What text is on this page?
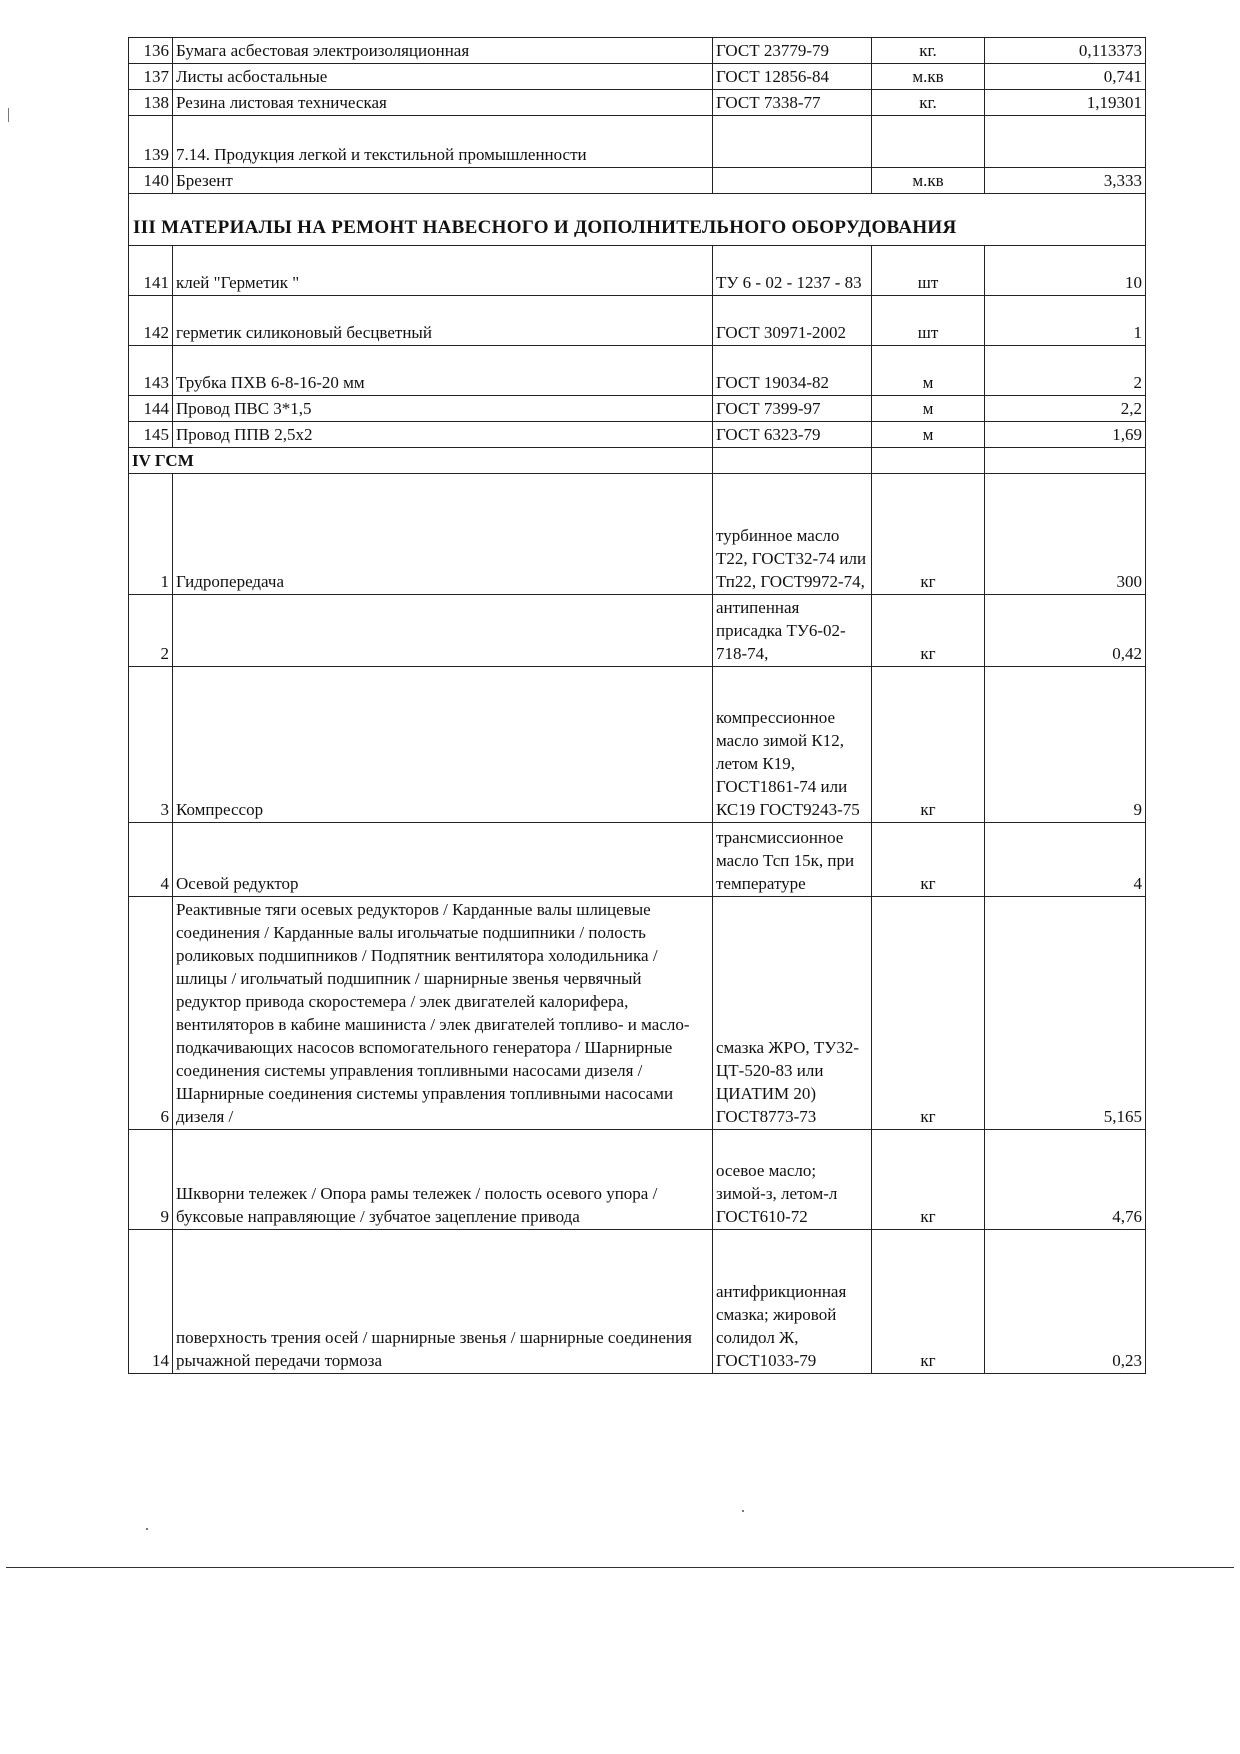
136	Бумага асбестовая электроизоляционная	ГОСТ 23779-79	кг.	0,113373
137	Листы асбостальные	ГОСТ 12856-84	м.кв	0,741
138	Резина листовая техническая	ГОСТ 7338-77	кг.	1,19301
139	7.14. Продукция легкой и текстильной промышленности			
140	Брезент		м.кв	3,333
III МАТЕРИАЛЫ НА РЕМОНТ НАВЕСНОГО И ДОПОЛНИТЕЛЬНОГО ОБОРУДОВАНИЯ				
141	клей "Герметик "	ТУ 6 - 02 - 1237 - 83	шт	10
142	герметик силиконовый бесцветный	ГОСТ 30971-2002	шт	1
143	Трубка ПХВ 6-8-16-20 мм	ГОСТ 19034-82	м	2
144	Провод ПВС 3*1,5	ГОСТ 7399-97	м	2,2
145	Провод ППВ 2,5х2	ГОСТ 6323-79	м	1,69
IV ГСМ				
1	Гидропередача	турбинное масло Т22, ГОСТ32-74 или Тп22, ГОСТ9972-74,	кг	300
2		антипенная присадка ТУ6-02-718-74,	кг	0,42
3	Компрессор	компрессионное масло зимой К12, летом К19, ГОСТ1861-74 или КС19 ГОСТ9243-75	кг	9
4	Осевой редуктор	трансмиссионное масло Тсп 15к, при температуре	кг	4
6	Реактивные тяги осевых редукторов / Карданные валы шлицевые соединения / Карданные валы игольчатые подшипники / полость роликовых подшипников / Подпятник вентилятора холодильника / шлицы / игольчатый подшипник / шарнирные звенья червячный редуктор привода скоростемера / элек двигателей калорифера, вентиляторов в кабине машиниста / элек двигателей топливо- и масло-подкачивающих насосов вспомогательного генератора / Шарнирные соединения системы управления топливными насосами дизеля / Шарнирные соединения системы управления топливными насосами дизеля /	смазка ЖРО, ТУ32-ЦТ-520-83 или ЦИАТИМ 20) ГОСТ8773-73	кг	5,165
9	Шкворни тележек / Опора рамы тележек / полость осевого упора / буксовые направляющие / зубчатое зацепление привода	осевое масло; зимой-з, летом-л ГОСТ610-72	кг	4,76
14	поверхность трения осей / шарнирные звенья / шарнирные соединения рычажной передачи тормоза	антифрикционная смазка; жировой солидол Ж, ГОСТ1033-79	кг	0,23
